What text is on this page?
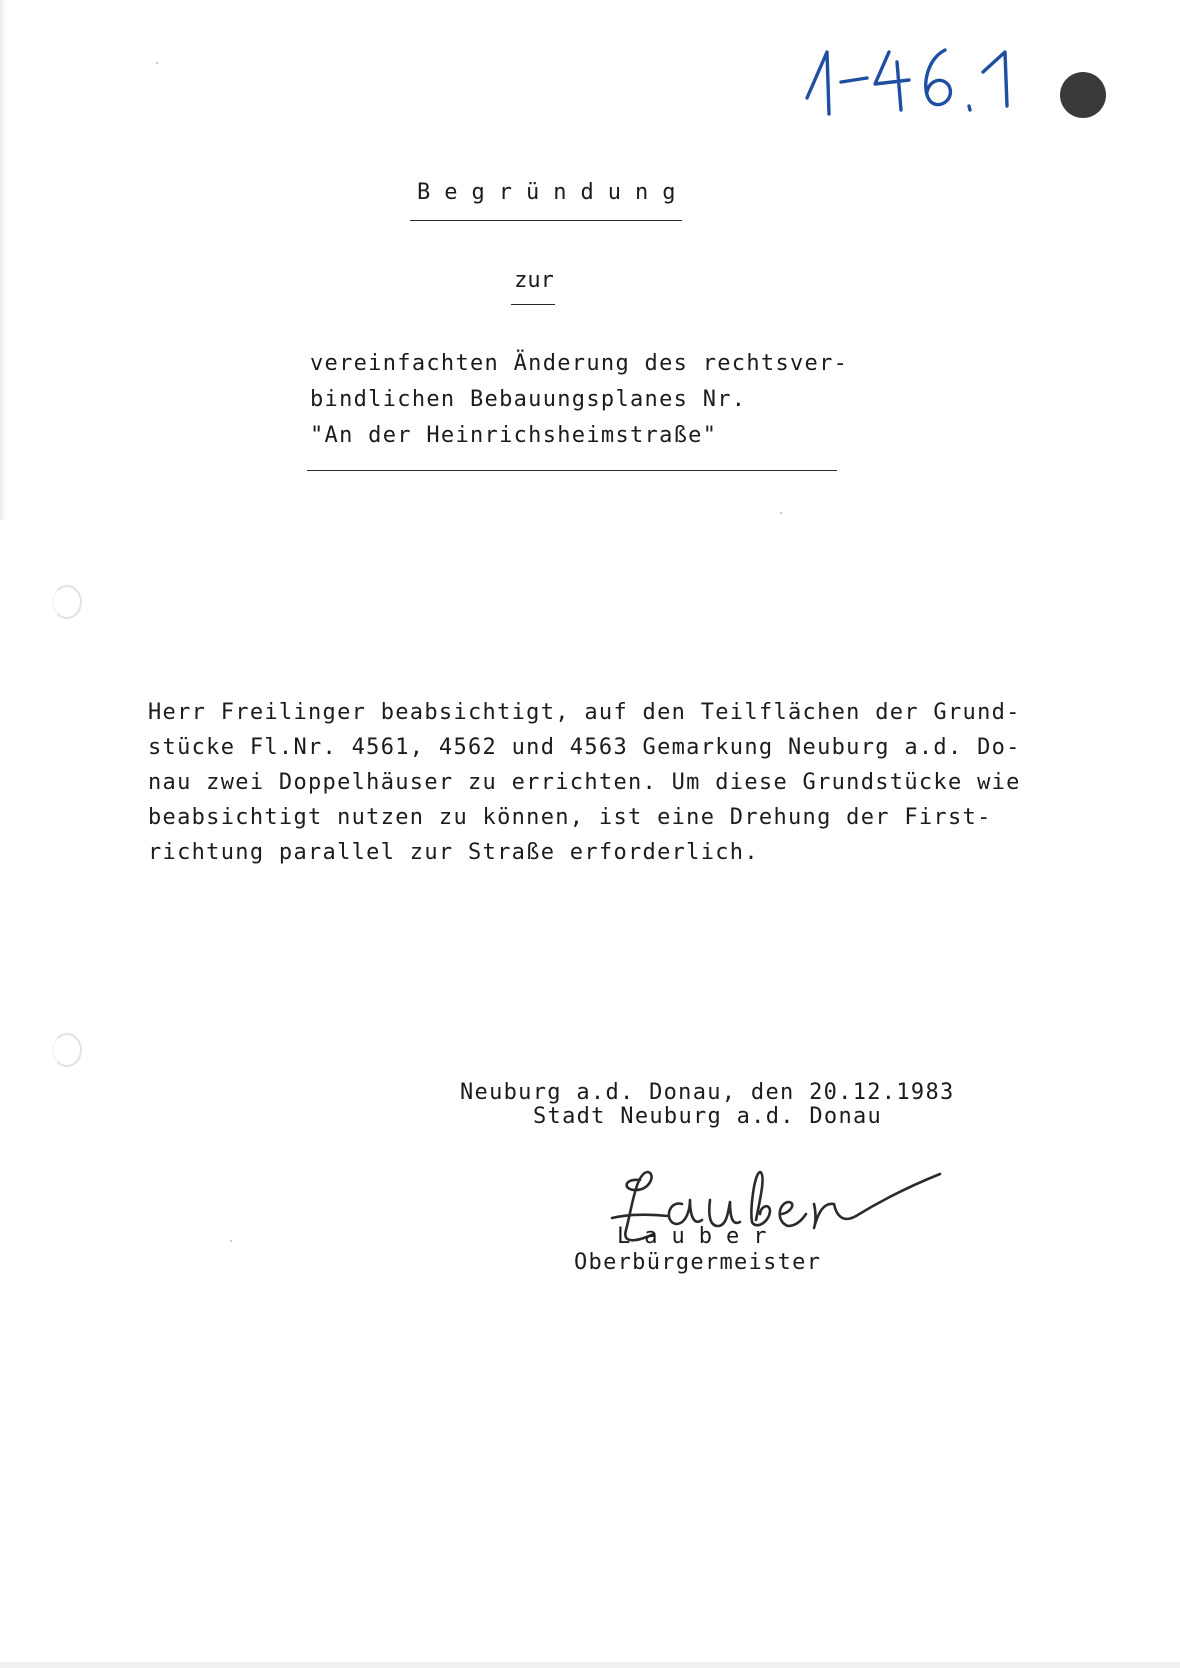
Begründung
zur
vereinfachten Änderung des rechtsver-
bindlichen Bebauungsplanes Nr.
"An der Heinrichsheimstraße"
Herr Freilinger beabsichtigt, auf den Teilflächen der Grund-
stücke Fl.Nr. 4561, 4562 und 4563 Gemarkung Neuburg a.d. Do-
nau zwei Doppelhäuser zu errichten. Um diese Grundstücke wie
beabsichtigt nutzen zu können, ist eine Drehung der First-
richtung parallel zur Straße erforderlich.
Neuburg a.d. Donau, den 20.12.1983
Stadt Neuburg a.d. Donau
Lauber
Oberbürgermeister
